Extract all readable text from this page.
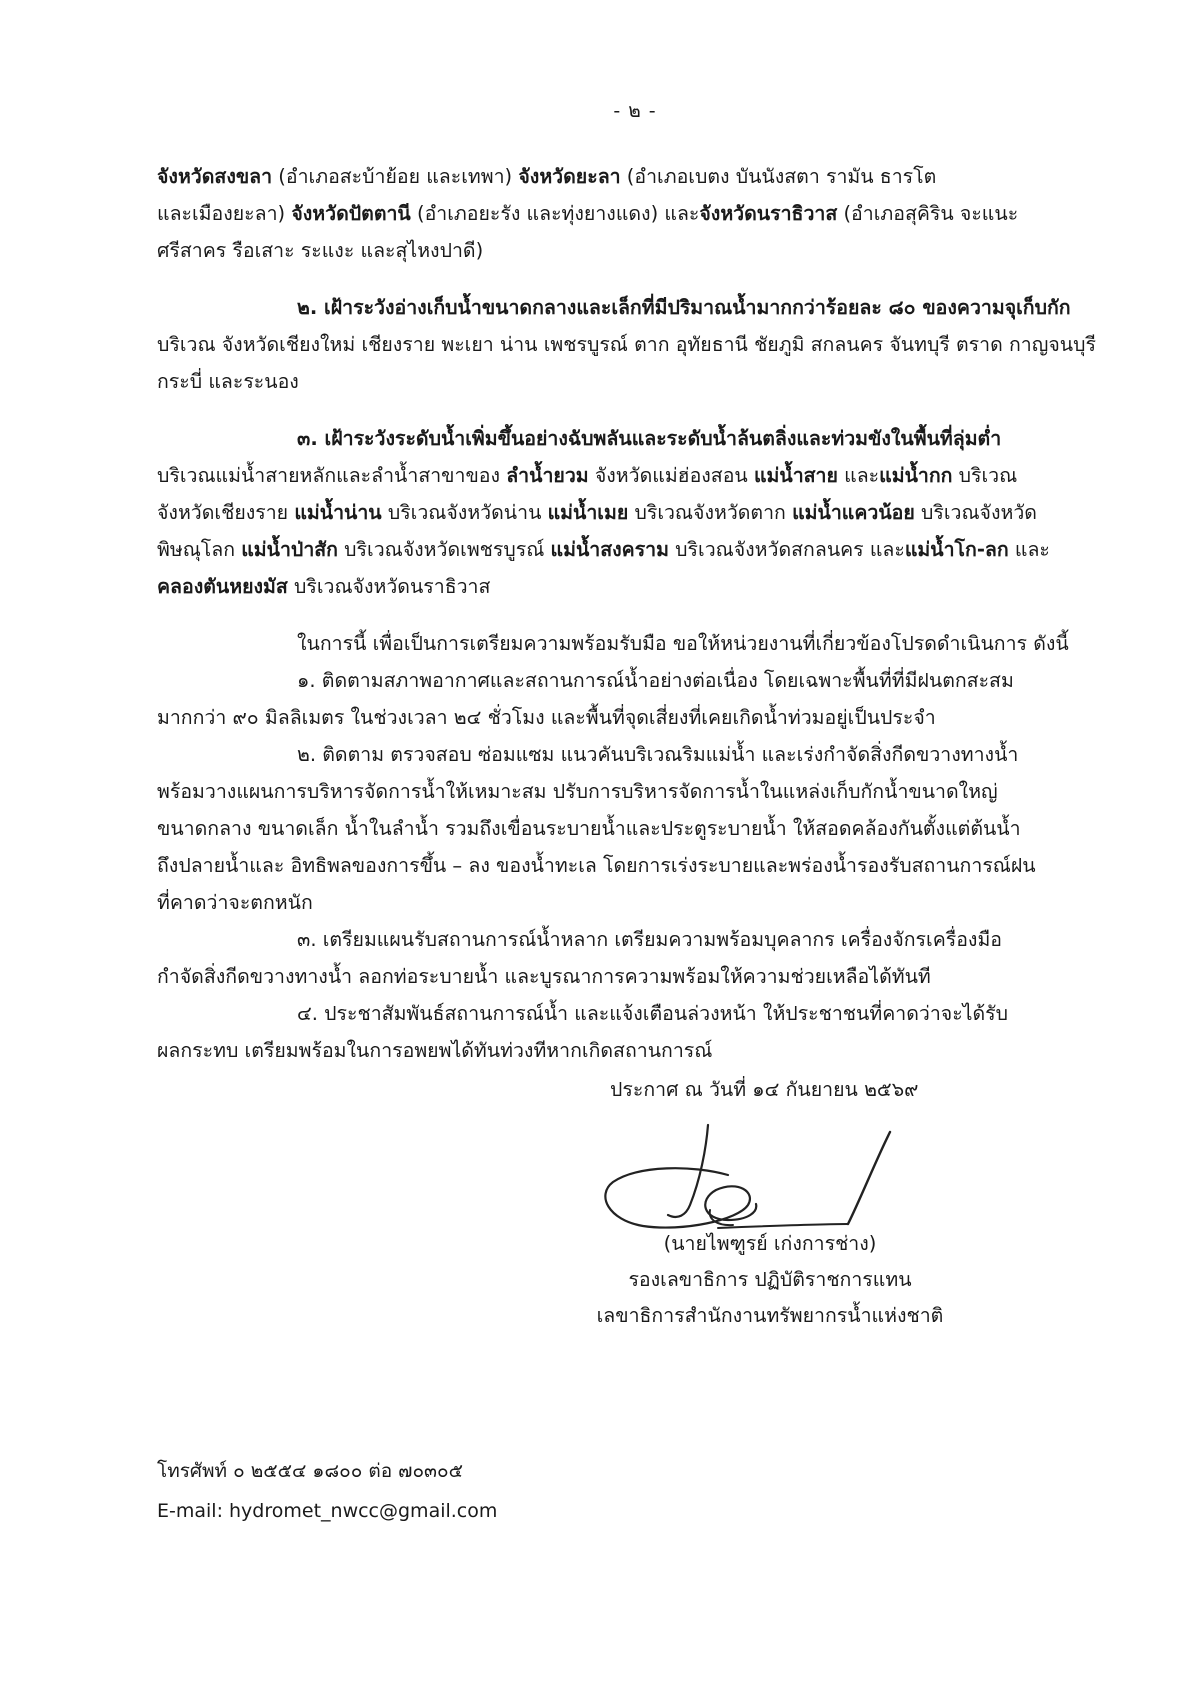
- ๒ -
จังหวัดสงขลา (อำเภอสะบ้าย้อย และเทพา) จังหวัดยะลา (อำเภอเบตง บันนังสตา รามัน ธารโต
และเมืองยะลา) จังหวัดปัตตานี (อำเภอยะรัง และทุ่งยางแดง) และจังหวัดนราธิวาส (อำเภอสุคิริน จะแนะ
ศรีสาคร รือเสาะ ระแงะ และสุไหงปาดี)
๒. เฝ้าระวังอ่างเก็บน้ำขนาดกลางและเล็กที่มีปริมาณน้ำมากกว่าร้อยละ ๘๐ ของความจุเก็บกัก
บริเวณ จังหวัดเชียงใหม่ เชียงราย พะเยา น่าน เพชรบูรณ์ ตาก อุทัยธานี ชัยภูมิ สกลนคร จันทบุรี ตราด กาญจนบุรี
กระบี่ และระนอง
๓. เฝ้าระวังระดับน้ำเพิ่มขึ้นอย่างฉับพลันและระดับน้ำล้นตลิ่งและท่วมขังในพื้นที่ลุ่มต่ำ
บริเวณแม่น้ำสายหลักและลำน้ำสาขาของ ลำน้ำยวม จังหวัดแม่ฮ่องสอน แม่น้ำสาย และแม่น้ำกก บริเวณ
จังหวัดเชียงราย แม่น้ำน่าน บริเวณจังหวัดน่าน แม่น้ำเมย บริเวณจังหวัดตาก แม่น้ำแควน้อย บริเวณจังหวัด
พิษณุโลก แม่น้ำป่าสัก บริเวณจังหวัดเพชรบูรณ์ แม่น้ำสงคราม บริเวณจังหวัดสกลนคร และแม่น้ำโก-ลก และ
คลองตันหยงมัส บริเวณจังหวัดนราธิวาส
ในการนี้ เพื่อเป็นการเตรียมความพร้อมรับมือ ขอให้หน่วยงานที่เกี่ยวข้องโปรดดำเนินการ ดังนี้
๑. ติดตามสภาพอากาศและสถานการณ์น้ำอย่างต่อเนื่อง โดยเฉพาะพื้นที่ที่มีฝนตกสะสม
มากกว่า ๙๐ มิลลิเมตร ในช่วงเวลา ๒๔ ชั่วโมง และพื้นที่จุดเสี่ยงที่เคยเกิดน้ำท่วมอยู่เป็นประจำ
๒. ติดตาม ตรวจสอบ ซ่อมแซม แนวคันบริเวณริมแม่น้ำ และเร่งกำจัดสิ่งกีดขวางทางน้ำ
พร้อมวางแผนการบริหารจัดการน้ำให้เหมาะสม ปรับการบริหารจัดการน้ำในแหล่งเก็บกักน้ำขนาดใหญ่
ขนาดกลาง ขนาดเล็ก น้ำในลำน้ำ รวมถึงเขื่อนระบายน้ำและประตูระบายน้ำ ให้สอดคล้องกันตั้งแต่ต้นน้ำ
ถึงปลายน้ำและ อิทธิพลของการขึ้น – ลง ของน้ำทะเล โดยการเร่งระบายและพร่องน้ำรองรับสถานการณ์ฝน
ที่คาดว่าจะตกหนัก
๓. เตรียมแผนรับสถานการณ์น้ำหลาก เตรียมความพร้อมบุคลากร เครื่องจักรเครื่องมือ
กำจัดสิ่งกีดขวางทางน้ำ ลอกท่อระบายน้ำ และบูรณาการความพร้อมให้ความช่วยเหลือได้ทันที
๔. ประชาสัมพันธ์สถานการณ์น้ำ และแจ้งเตือนล่วงหน้า ให้ประชาชนที่คาดว่าจะได้รับ
ผลกระทบ เตรียมพร้อมในการอพยพได้ทันท่วงทีหากเกิดสถานการณ์
ประกาศ ณ วันที่ ๑๔ กันยายน ๒๕๖๙
(นายไพฑูรย์ เก่งการช่าง)
รองเลขาธิการ ปฏิบัติราชการแทน
เลขาธิการสำนักงานทรัพยากรน้ำแห่งชาติ
โทรศัพท์ ๐ ๒๕๕๔ ๑๘๐๐ ต่อ ๗๐๓๐๕
E-mail: hydromet_nwcc@gmail.com
